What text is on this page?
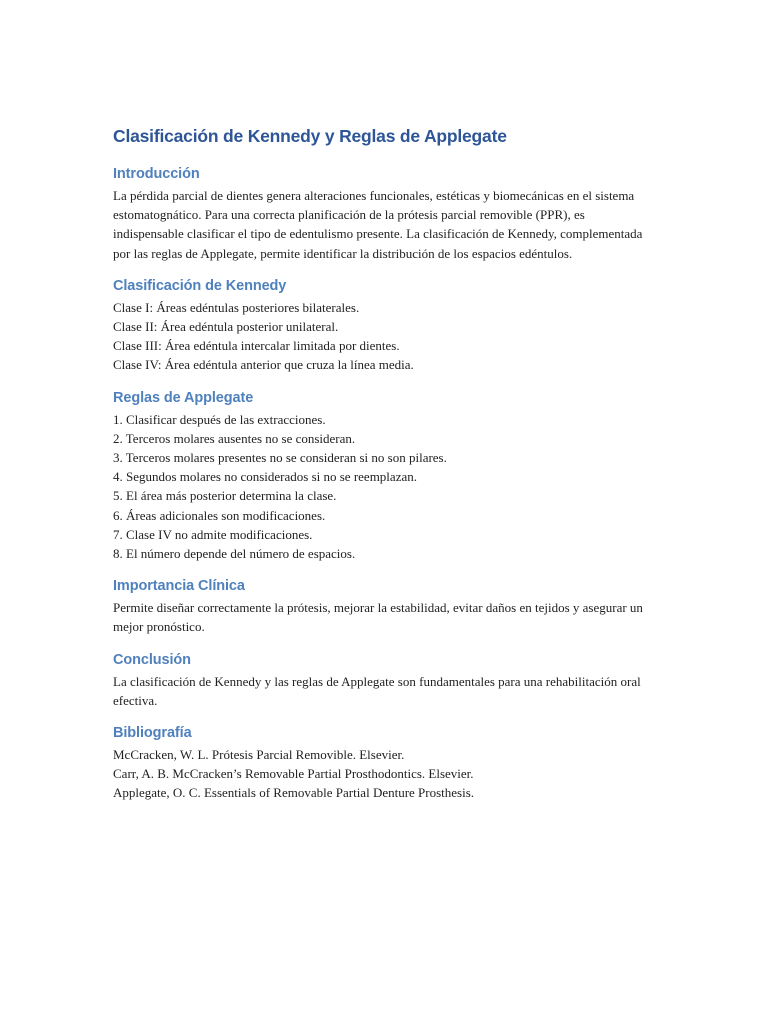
Clasificación de Kennedy y Reglas de Applegate
Introducción

La pérdida parcial de dientes genera alteraciones funcionales, estéticas y biomecánicas en el sistema estomatognático. Para una correcta planificación de la prótesis parcial removible (PPR), es indispensable clasificar el tipo de edentulismo presente. La clasificación de Kennedy, complementada por las reglas de Applegate, permite identificar la distribución de los espacios edéntulos.

Clasificación de Kennedy
Clase I: Áreas edéntulas posteriores bilaterales.
Clase II: Área edéntula posterior unilateral.
Clase III: Área edéntula intercalar limitada por dientes.
Clase IV: Área edéntula anterior que cruza la línea media.
Reglas de Applegate
1. Clasificar después de las extracciones.
2. Terceros molares ausentes no se consideran.
3. Terceros molares presentes no se consideran si no son pilares.
4. Segundos molares no considerados si no se reemplazan.
5. El área más posterior determina la clase.
6. Áreas adicionales son modificaciones.
7. Clase IV no admite modificaciones.
8. El número depende del número de espacios.
Importancia Clínica

Permite diseñar correctamente la prótesis, mejorar la estabilidad, evitar daños en tejidos y asegurar un mejor pronóstico.

Conclusión

La clasificación de Kennedy y las reglas de Applegate son fundamentales para una rehabilitación oral efectiva.

Bibliografía
McCracken, W. L. Prótesis Parcial Removible. Elsevier.
Carr, A. B. McCracken’s Removable Partial Prosthodontics. Elsevier.
Applegate, O. C. Essentials of Removable Partial Denture Prosthesis.
